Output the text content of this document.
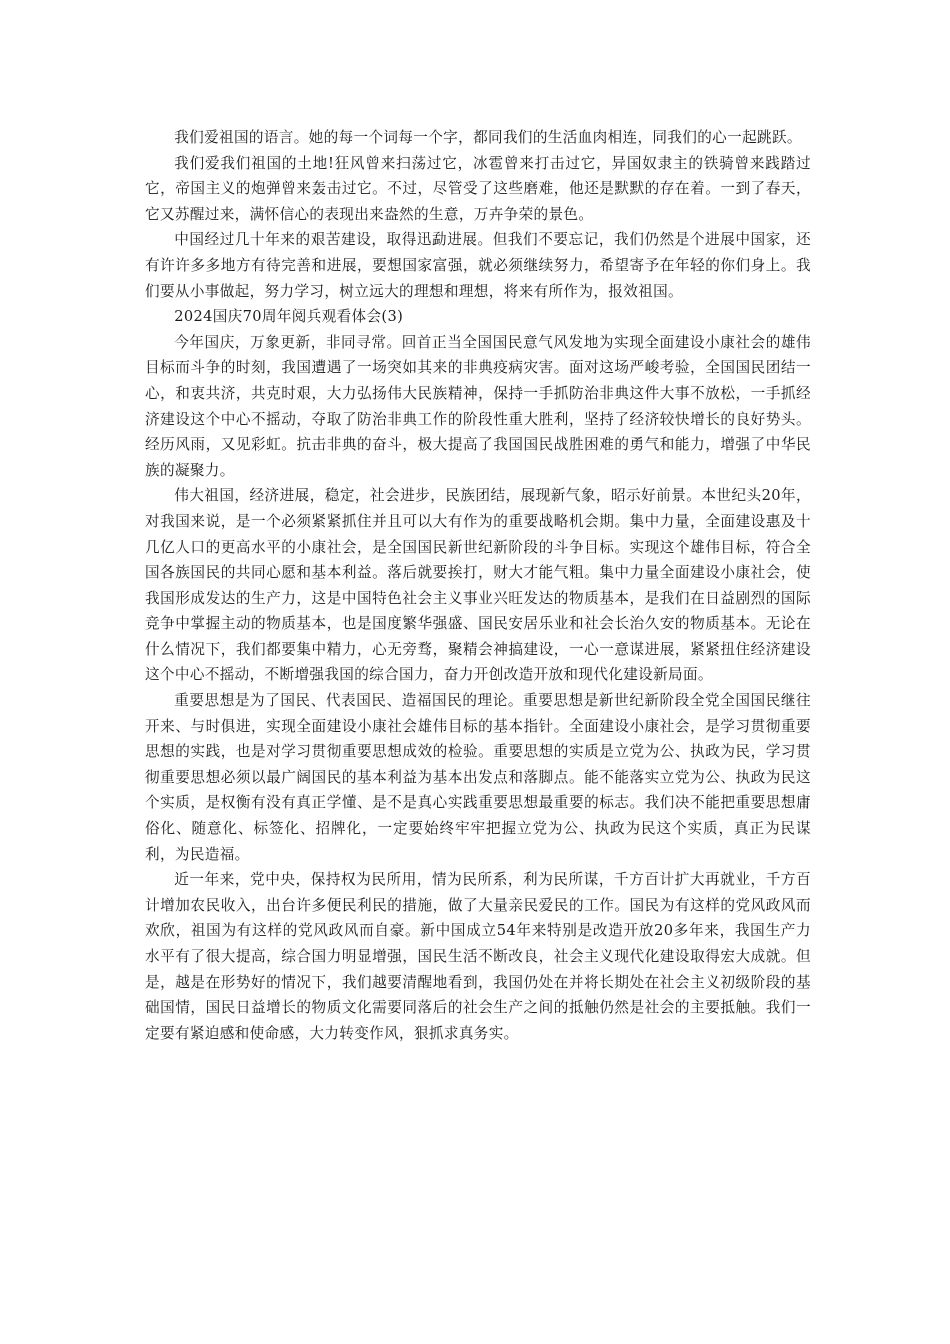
我们爱祖国的语言。她的每一个词每一个字，都同我们的生活血肉相连，同我们的心一起跳跃。

我们爱我们祖国的土地!狂风曾来扫荡过它，冰雹曾来打击过它，异国奴隶主的铁骑曾来践踏过它，帝国主义的炮弹曾来轰击过它。不过，尽管受了这些磨难，他还是默默的存在着。一到了春天，它又苏醒过来，满怀信心的表现出来盎然的生意，万卉争荣的景色。

中国经过几十年来的艰苦建设，取得迅勐进展。但我们不要忘记，我们仍然是个进展中国家，还有许许多多地方有待完善和进展，要想国家富强，就必须继续努力，希望寄予在年轻的你们身上。我们要从小事做起，努力学习，树立远大的理想和理想，将来有所作为，报效祖国。

2024国庆70周年阅兵观看体会(3)

今年国庆，万象更新，非同寻常。回首正当全国国民意气风发地为实现全面建设小康社会的雄伟目标而斗争的时刻，我国遭遇了一场突如其来的非典疫病灾害。面对这场严峻考验，全国国民团结一心，和衷共济，共克时艰，大力弘扬伟大民族精神，保持一手抓防治非典这件大事不放松，一手抓经济建设这个中心不摇动，夺取了防治非典工作的阶段性重大胜利，坚持了经济较快增长的良好势头。经历风雨，又见彩虹。抗击非典的奋斗，极大提高了我国国民战胜困难的勇气和能力，增强了中华民族的凝聚力。

伟大祖国，经济进展，稳定，社会进步，民族团结，展现新气象，昭示好前景。本世纪头20年，对我国来说，是一个必须紧紧抓住并且可以大有作为的重要战略机会期。集中力量，全面建设惠及十几亿人口的更高水平的小康社会，是全国国民新世纪新阶段的斗争目标。实现这个雄伟目标，符合全国各族国民的共同心愿和基本利益。落后就要挨打，财大才能气粗。集中力量全面建设小康社会，使我国形成发达的生产力，这是中国特色社会主义事业兴旺发达的物质基本，是我们在日益剧烈的国际竞争中掌握主动的物质基本，也是国度繁华强盛、国民安居乐业和社会长治久安的物质基本。无论在什么情况下，我们都要集中精力，心无旁骛，聚精会神搞建设，一心一意谋进展，紧紧扭住经济建设这个中心不摇动，不断增强我国的综合国力，奋力开创改造开放和现代化建设新局面。

重要思想是为了国民、代表国民、造福国民的理论。重要思想是新世纪新阶段全党全国国民继往开来、与时俱进，实现全面建设小康社会雄伟目标的基本指针。全面建设小康社会，是学习贯彻重要思想的实践，也是对学习贯彻重要思想成效的检验。重要思想的实质是立党为公、执政为民，学习贯彻重要思想必须以最广阔国民的基本利益为基本出发点和落脚点。能不能落实立党为公、执政为民这个实质，是权衡有没有真正学懂、是不是真心实践重要思想最重要的标志。我们决不能把重要思想庸俗化、随意化、标签化、招牌化，一定要始终牢牢把握立党为公、执政为民这个实质，真正为民谋利，为民造福。

近一年来，党中央，保持权为民所用，情为民所系，利为民所谋，千方百计扩大再就业，千方百计增加农民收入，出台许多便民利民的措施，做了大量亲民爱民的工作。国民为有这样的党风政风而欢欣，祖国为有这样的党风政风而自豪。新中国成立54年来特别是改造开放20多年来，我国生产力水平有了很大提高，综合国力明显增强，国民生活不断改良，社会主义现代化建设取得宏大成就。但是，越是在形势好的情况下，我们越要清醒地看到，我国仍处在并将长期处在社会主义初级阶段的基础国情，国民日益增长的物质文化需要同落后的社会生产之间的抵触仍然是社会的主要抵触。我们一定要有紧迫感和使命感，大力转变作风，狠抓求真务实。
